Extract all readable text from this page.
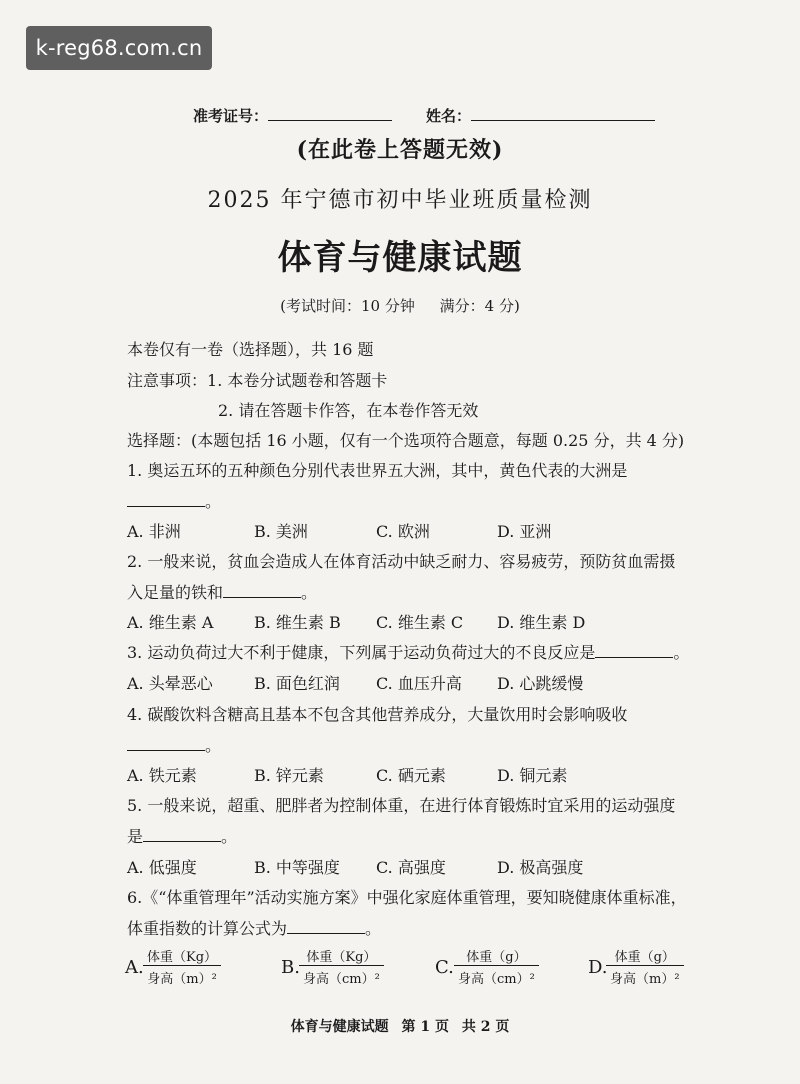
k-reg68.com.cn
准考证号：	姓名：
(在此卷上答题无效)
2025 年宁德市初中毕业班质量检测
体育与健康试题
(考试时间：10 分钟 满分：4 分)
本卷仅有一卷（选择题），共 16 题
注意事项：1. 本卷分试题卷和答题卡
2. 请在答题卡作答，在本卷作答无效
选择题：(本题包括 16 小题，仅有一个选项符合题意，每题 0.25 分，共 4 分)
1. 奥运五环的五种颜色分别代表世界五大洲，其中，黄色代表的大洲是
。
A. 非洲	B. 美洲	C. 欧洲	D. 亚洲
2. 一般来说，贫血会造成人在体育活动中缺乏耐力、容易疲劳，预防贫血需摄
入足量的铁和	。
A. 维生素 A	B. 维生素 B C. 维生素 C D. 维生素 D
3. 运动负荷过大不利于健康，下列属于运动负荷过大的不良反应是	。
A. 头晕恶心	B. 面色红润 C. 血压升高 D. 心跳缓慢
4. 碳酸饮料含糖高且基本不包含其他营养成分，大量饮用时会影响吸收
。
A. 铁元素	B. 锌元素	C. 硒元素	D. 铜元素
5. 一般来说，超重、肥胖者为控制体重，在进行体育锻炼时宜采用的运动强度
是	。
A. 低强度	B. 中等强度 C. 高强度	D. 极高强度
6.《“体重管理年”活动实施方案》中强化家庭体重管理，要知晓健康体重标准，
体重指数的计算公式为	。
A. 体重（Kg）
身高（m）²
B. 体重（Kg）
身高（cm）²
C. 体重（g）
身高（cm）²
D. 体重（g）
身高（m）²
体育与健康试题 第 1 页 共 2 页
